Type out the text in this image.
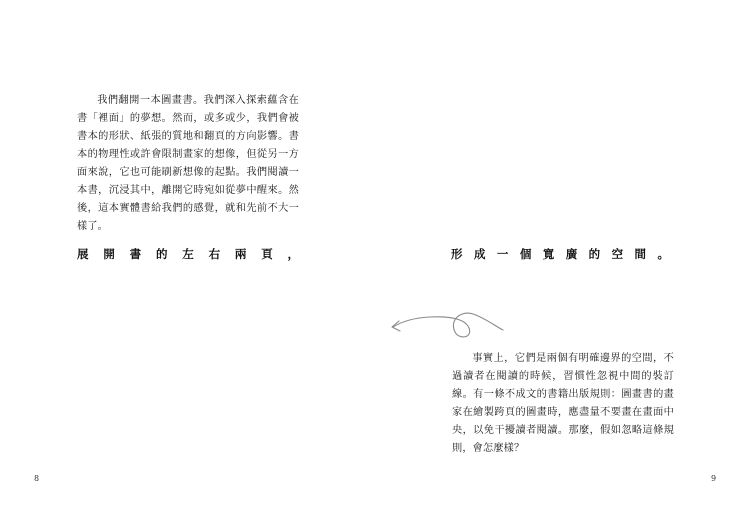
我們翻開一本圖畫書。我們深入探索蘊含在書「裡面」的夢想。然而，或多或少，我們會被書本的形狀、紙張的質地和翻頁的方向影響。書本的物理性或許會限制畫家的想像，但從另一方面來說，它也可能刷新想像的起點。我們閱讀一本書，沉浸其中，離開它時宛如從夢中醒來。然後，這本實體書給我們的感覺，就和先前不大一樣了。

展 開 書 的 左 右 兩 頁 ，
8
形 成 一 個 寬 廣 的 空 間 。

事實上，它們是兩個有明確邊界的空間，不過讀者在閱讀的時候，習慣性忽視中間的裝訂線。有一條不成文的書籍出版規則：圖畫書的畫家在繪製跨頁的圖畫時，應盡量不要畫在畫面中央，以免干擾讀者閱讀。那麼，假如忽略這條規則，會怎麼樣？

9
